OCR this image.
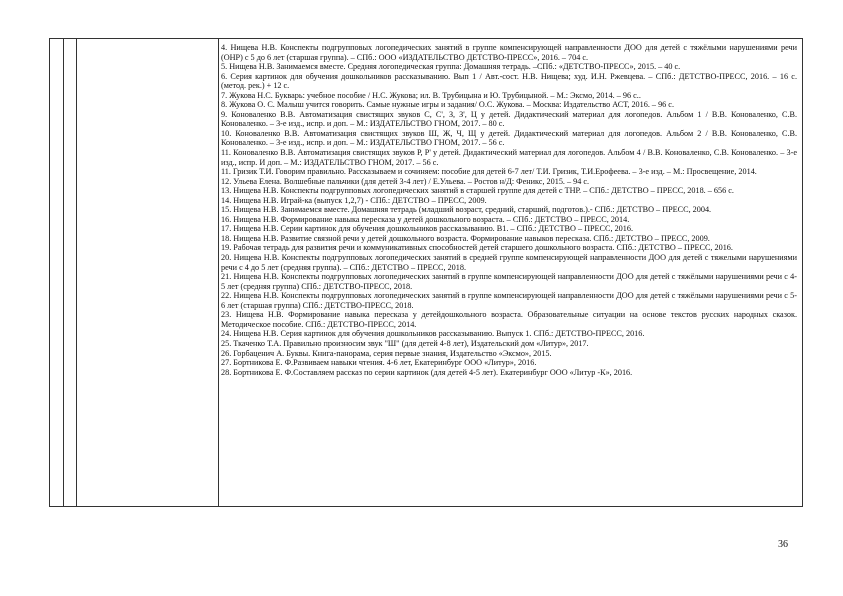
4. Нищева Н.В. Конспекты подгрупповых логопедических занятий в группе компенсирующей направленности ДОО для детей с тяжёлыми нарушениями речи (ОНР) с 5 до 6 лет (старшая группа). – СПб.: ООО «ИЗДАТЕЛЬСТВО ДЕТСТВО-ПРЕСС», 2016. – 704 с.

5. Нищева Н.В. Занимаемся вместе. Средняя логопедическая группа: Домашняя тетрадь. –СПб.: «ДЕТСТВО-ПРЕСС», 2015. – 40 с.

6. Серия картинок для обучения дошкольников рассказыванию. Вып 1 / Авт.-сост. Н.В. Нищева; худ. И.Н. Ржевцева. – СПб.: ДЕТСТВО-ПРЕСС, 2016. – 16 с. (метод. рек.) + 12 с.

7. Жукова Н.С. Букварь: учебное пособие / Н.С. Жукова; ил. В. Трубицына и Ю. Трубицыной. – М.: Эксмо, 2014. – 96 с..

8. Жукова О. С. Малыш учится говорить. Самые нужные игры и задания/ О.С. Жукова. – Москва: Издательство АСТ, 2016. – 96 с.

9. Коноваленко В.В. Автоматизация свистящих звуков С, С', З, З', Ц у детей. Дидактический материал для логопедов. Альбом 1 / В.В. Коноваленко, С.В. Коноваленко. – 3-е изд., испр. и доп. – М.: ИЗДАТЕЛЬСТВО ГНОМ, 2017. – 80 с.

10. Коноваленко В.В. Автоматизация свистящих звуков Ш, Ж, Ч, Щ у детей. Дидактический материал для логопедов. Альбом 2 / В.В. Коноваленко, С.В. Коноваленко. – 3-е изд., испр. и доп. – М.: ИЗДАТЕЛЬСТВО ГНОМ, 2017. – 56 с.

11. Коноваленко В.В. Автоматизация свистящих звуков Р, Р' у детей. Дидактический материал для логопедов. Альбом 4 / В.В. Коноваленко, С.В. Коноваленко. – 3-е изд., испр. И доп. – М.: ИЗДАТЕЛЬСТВО ГНОМ, 2017. – 56 с.

11. Гризик Т.И. Говорим правильно. Рассказываем и сочиняем: пособие для детей 6-7 лет/ Т.И. Гризик, Т.И.Ерофеева. – 3-е изд. – М.: Просвещение, 2014.

12. Ульева Елена. Волшебные пальчики (для детей 3-4 лет) / Е.Ульева. – Ростов н/Д: Феникс, 2015. – 94 с.

13. Нищева Н.В. Конспекты подгрупповых логопедических занятий в старшей группе для детей с ТНР. – СПб.: ДЕТСТВО – ПРЕСС, 2018. – 656 с.

14. Нищева Н.В. Играй-ка (выпуск 1,2,7) - СПб.: ДЕТСТВО – ПРЕСС, 2009.

15. Нищева Н.В. Занимаемся вместе. Домашняя тетрадь (младший возраст, средний, старший, подготов.).- СПб.: ДЕТСТВО – ПРЕСС, 2004.

16. Нищева Н.В. Формирование навыка пересказа у детей дошкольного возраста. – СПб.: ДЕТСТВО – ПРЕСС, 2014.

17. Нищева Н.В. Серии картинок для обучения дошкольников рассказыванию. В1. – СПб.: ДЕТСТВО – ПРЕСС, 2016.

18. Нищева Н.В. Развитие связной речи у детей дошкольного возраста. Формирование навыков пересказа. СПб.: ДЕТСТВО – ПРЕСС, 2009.

19. Рабочая тетрадь для развития речи и коммуникативных способностей детей старшего дошкольного возраста. СПб.: ДЕТСТВО – ПРЕСС, 2016.

20. Нищева Н.В. Конспекты подгрупповых логопедических занятий в средней группе компенсирующей направленности ДОО для детей с тяжелыми нарушениями речи с 4 до 5 лет (средняя группа). – СПб.: ДЕТСТВО – ПРЕСС, 2018.

21. Нищева Н.В. Конспекты подгрупповых логопедических занятий в группе компенсирующей направленности ДОО для детей с тяжёлыми нарушениями речи с 4-5 лет (средняя группа) СПб.: ДЕТСТВО-ПРЕСС, 2018.

22. Нищева Н.В. Конспекты подгрупповых логопедических занятий в группе компенсирующей направленности ДОО для детей с тяжёлыми нарушениями речи с 5-6 лет (старшая группа) СПб.: ДЕТСТВО-ПРЕСС, 2018.

23. Нищева Н.В. Формирование навыка пересказа у детейдошкольного возраста. Образовательные ситуации на основе текстов русских народных сказок. Методическое пособие. СПб.: ДЕТСТВО-ПРЕСС, 2014.

24. Нищева Н.В. Серия картинок для обучения дошкольников рассказыванию. Выпуск 1. СПб.: ДЕТСТВО-ПРЕСС, 2016.

25. Ткаченко Т.А. Правильно произносим звук "Ш" (для детей 4-8 лет), Издательский дом «Литур», 2017.

26. Горбаценич А. Буквы. Книга-панорама, серия первые знания, Издательство «Эксмо», 2015.

27. Бортникова Е. Ф.Развиваем навыки чтения. 4-6 лет, Екатеринбург ООО «Литур», 2016.

28. Бортникова Е. Ф.Составляем рассказ по серии картинок (для детей 4-5 лет). Екатеринбург ООО «Литур -К», 2016.

36
